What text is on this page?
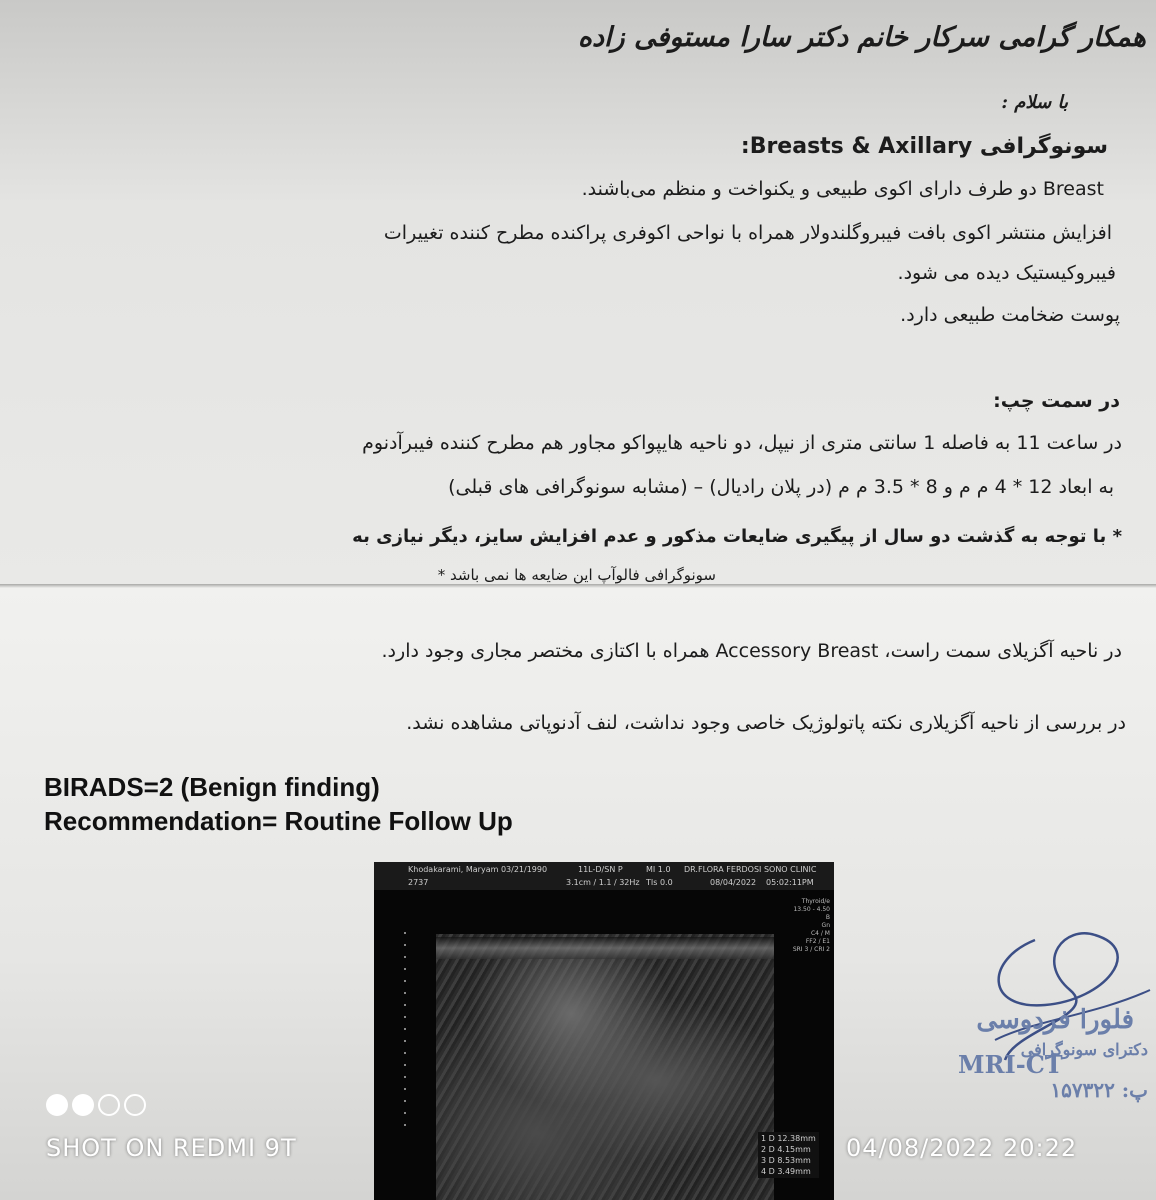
همکار گرامی سرکار خانم دکتر سارا مستوفی زاده
با سلام :
سونوگرافی Breasts & Axillary:
Breast دو طرف دارای اکوی طبیعی و یکنواخت و منظم می‌باشند.
افزایش منتشر اکوی بافت فیبروگلندولار همراه با نواحی اکوفری پراکنده مطرح کننده تغییرات
فیبروکیستیک دیده می شود.
پوست ضخامت طبیعی دارد.
در سمت چپ:
در ساعت 11 به فاصله 1 سانتی متری از نیپل، دو ناحیه هایپواکو مجاور هم مطرح کننده فیبرآدنوم
به ابعاد 12 * 4 م م و 8 * 3.5 م م (در پلان رادیال) – (مشابه سونوگرافی های قبلی)
* با توجه به گذشت دو سال از پیگیری ضایعات مذکور و عدم افزایش سایز، دیگر نیازی به
سونوگرافی فالوآپ این ضایعه ها نمی باشد *
در ناحیه آگزیلای سمت راست، Accessory Breast همراه با اکتازی مختصر مجاری وجود دارد.
در بررسی از ناحیه آگزیلاری نکته پاتولوژیک خاصی وجود نداشت، لنف آدنوپاتی مشاهده نشد.
BIRADS=2 (Benign finding)
Recommendation= Routine Follow Up
Khodakarami, Maryam 03/21/1990
2737
11L-D/SN P
3.1cm / 1.1 / 32Hz
MI 1.0
TIs 0.0
DR.FLORA FERDOSI SONO CLINIC
08/04/2022 05:02:11PM
Thyroid/e
13.50 - 4.50
B
Gn
C4 / M
FF2 / E1
SRI 3 / CRI 2
1 D 12.38mm
2 D 4.15mm
3 D 8.53mm
4 D 3.49mm
فلورا فردوسی
دکترای سونوگرافی
MRI-CT
پ: ۱۵۷۳۲۲
SHOT ON REDMI 9T	04/08/2022 20:22
